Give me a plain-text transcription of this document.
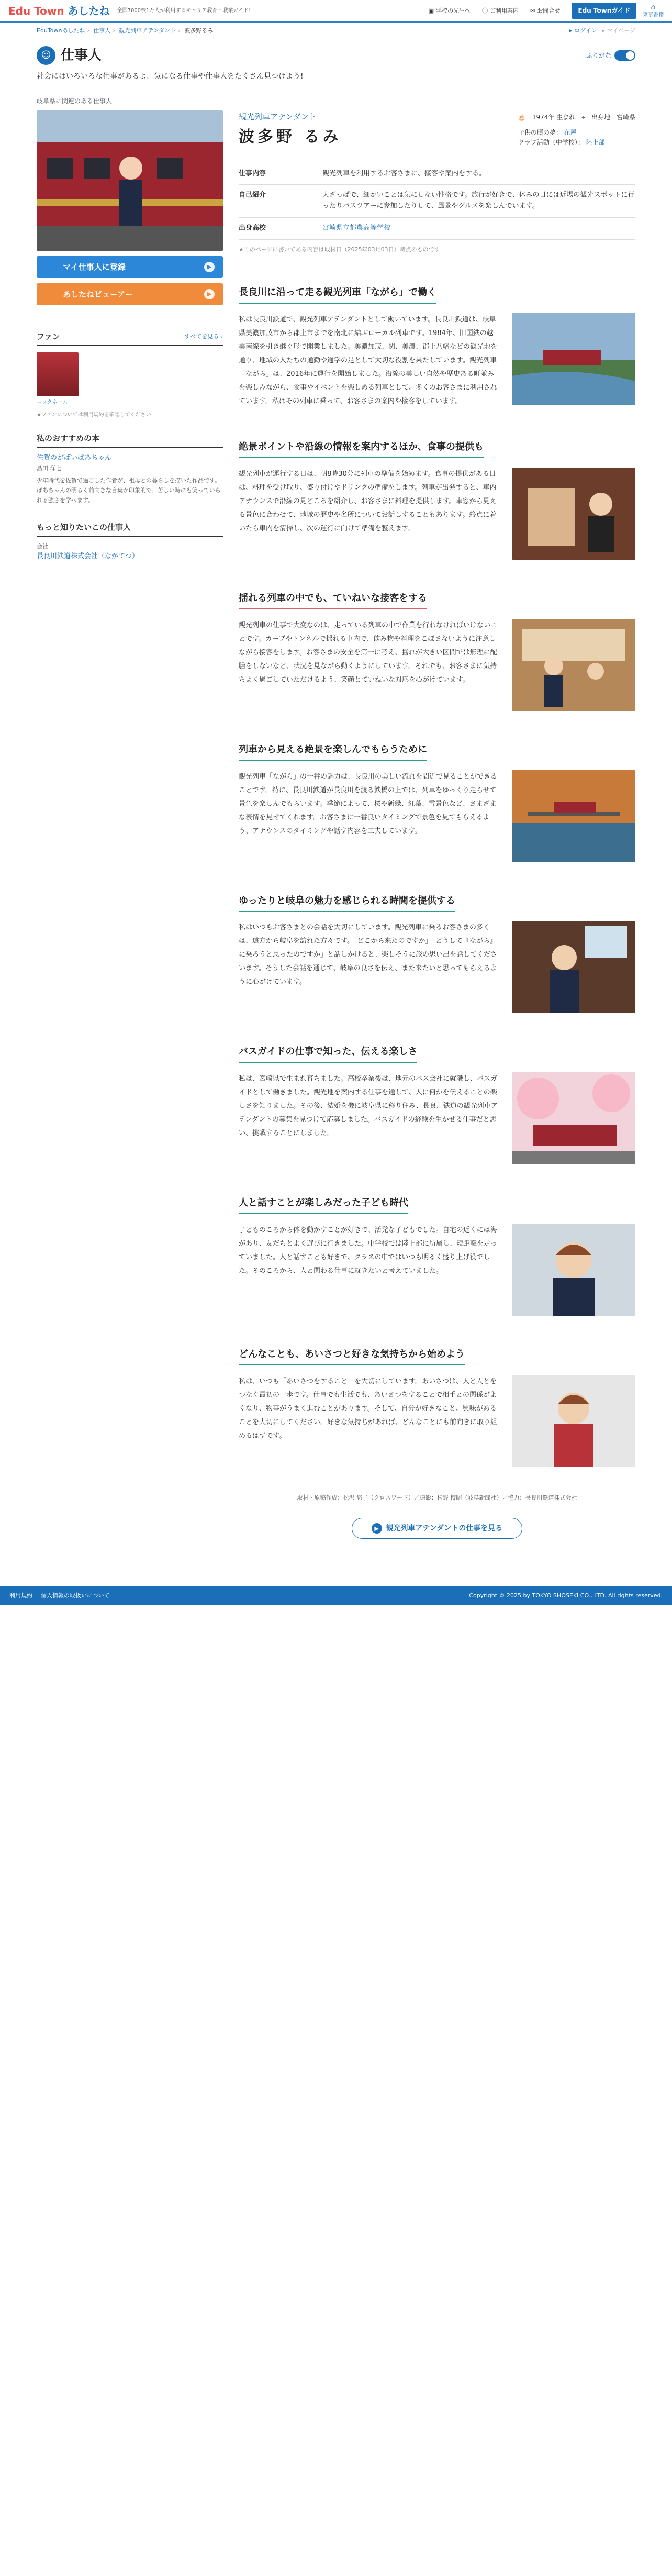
Edu Town あしたね 全国7000校1万人が利用するキャリア教育・職業ガイド!	▣ 学校の先生へ ⓘ ご利用案内 ✉ お問合せ	Edu Townガイド	⌂
東京書籍
EduTownあしたね › 仕事人 › 観光列車アテンダント › 波多野るみ	▸ ログイン ▸ マイページ
☺ 仕事人	ふりがな
社会にはいろいろな仕事があるよ。気になる仕事や仕事人をたくさん見つけよう!
岐阜県に関連のある仕事人
マイ仕事人に登録	▶
あしたねビューアー	▶
ファン	すべてを見る ›
ニックネーム
★ファンについては利用規約を確認してください
私のおすすめの本
佐賀のがばいばあちゃん
島田 洋七
少年時代を佐賀で過ごした作者が、祖母との暮らしを描いた作品です。ばあちゃんの明るく前向きな言葉が印象的で、苦しい時にも笑っていられる強さを学べます。
もっと知りたいこの仕事人
会社
長良川鉄道株式会社（ながてつ）
観光列車アテンダント
波多野 るみ
🎂 1974年 生まれ ⌖ 出身地 宮崎県
子供の頃の夢： 花屋
クラブ活動（中学校）： 陸上部
仕事内容	観光列車を利用するお客さまに、接客や案内をする。
自己紹介	大ざっぱで、細かいことは気にしない性格です。旅行が好きで、休みの日には近場の観光スポットに行ったりバスツアーに参加したりして、風景やグルメを楽しんでいます。
出身高校	宮崎県立都農高等学校
★このページに書いてある内容は取材日（2025年03月03日）時点のものです
長良川に沿って走る観光列車「ながら」で働く
私は長良川鉄道で、観光列車アテンダントとして働いています。長良川鉄道は、岐阜県美濃加茂市から郡上市までを南北に結ぶローカル列車です。1984年、旧国鉄の越美南線を引き継ぐ形で開業しました。美濃加茂、関、美濃、郡上八幡などの観光地を通り、地域の人たちの通勤や通学の足として大切な役割を果たしています。観光列車「ながら」は、2016年に運行を開始しました。沿線の美しい自然や歴史ある町並みを楽しみながら、食事やイベントを楽しめる列車として、多くのお客さまに利用されています。私はその列車に乗って、お客さまの案内や接客をしています。
絶景ポイントや沿線の情報を案内するほか、食事の提供も
観光列車が運行する日は、朝8時30分に列車の準備を始めます。食事の提供がある日は、料理を受け取り、盛り付けやドリンクの準備をします。列車が出発すると、車内アナウンスで沿線の見どころを紹介し、お客さまに料理を提供します。車窓から見える景色に合わせて、地域の歴史や名所についてお話しすることもあります。終点に着いたら車内を清掃し、次の運行に向けて準備を整えます。
揺れる列車の中でも、ていねいな接客をする
観光列車の仕事で大変なのは、走っている列車の中で作業を行わなければいけないことです。カーブやトンネルで揺れる車内で、飲み物や料理をこぼさないように注意しながら接客をします。お客さまの安全を第一に考え、揺れが大きい区間では無理に配膳をしないなど、状況を見ながら動くようにしています。それでも、お客さまに気持ちよく過ごしていただけるよう、笑顔とていねいな対応を心がけています。
列車から見える絶景を楽しんでもらうために
観光列車「ながら」の一番の魅力は、長良川の美しい流れを間近で見ることができることです。特に、長良川鉄道が長良川を渡る鉄橋の上では、列車をゆっくり走らせて景色を楽しんでもらいます。季節によって、桜や新緑、紅葉、雪景色など、さまざまな表情を見せてくれます。お客さまに一番良いタイミングで景色を見てもらえるよう、アナウンスのタイミングや話す内容を工夫しています。
ゆったりと岐阜の魅力を感じられる時間を提供する
私はいつもお客さまとの会話を大切にしています。観光列車に乗るお客さまの多くは、遠方から岐阜を訪れた方々です。「どこから来たのですか」「どうして『ながら』に乗ろうと思ったのですか」と話しかけると、楽しそうに旅の思い出を話してくださいます。そうした会話を通じて、岐阜の良さを伝え、また来たいと思ってもらえるように心がけています。
バスガイドの仕事で知った、伝える楽しさ
私は、宮崎県で生まれ育ちました。高校卒業後は、地元のバス会社に就職し、バスガイドとして働きました。観光地を案内する仕事を通して、人に何かを伝えることの楽しさを知りました。その後、結婚を機に岐阜県に移り住み、長良川鉄道の観光列車アテンダントの募集を見つけて応募しました。バスガイドの経験を生かせる仕事だと思い、挑戦することにしました。
人と話すことが楽しみだった子ども時代
子どものころから体を動かすことが好きで、活発な子どもでした。自宅の近くには海があり、友だちとよく遊びに行きました。中学校では陸上部に所属し、短距離を走っていました。人と話すことも好きで、クラスの中ではいつも明るく盛り上げ役でした。そのころから、人と関わる仕事に就きたいと考えていました。
どんなことも、あいさつと好きな気持ちから始めよう
私は、いつも「あいさつをすること」を大切にしています。あいさつは、人と人とをつなぐ最初の一歩です。仕事でも生活でも、あいさつをすることで相手との関係がよくなり、物事がうまく進むことがあります。そして、自分が好きなこと、興味があることを大切にしてください。好きな気持ちがあれば、どんなことにも前向きに取り組めるはずです。
取材・原稿作成：松沢 悠子（クロスワード）／撮影：松野 博昭（岐阜新聞社）／協力：長良川鉄道株式会社
▶ 観光列車アテンダントの仕事を見る
利用規約 個人情報の取扱いについて	Copyright © 2025 by TOKYO SHOSEKI CO., LTD. All rights reserved.
